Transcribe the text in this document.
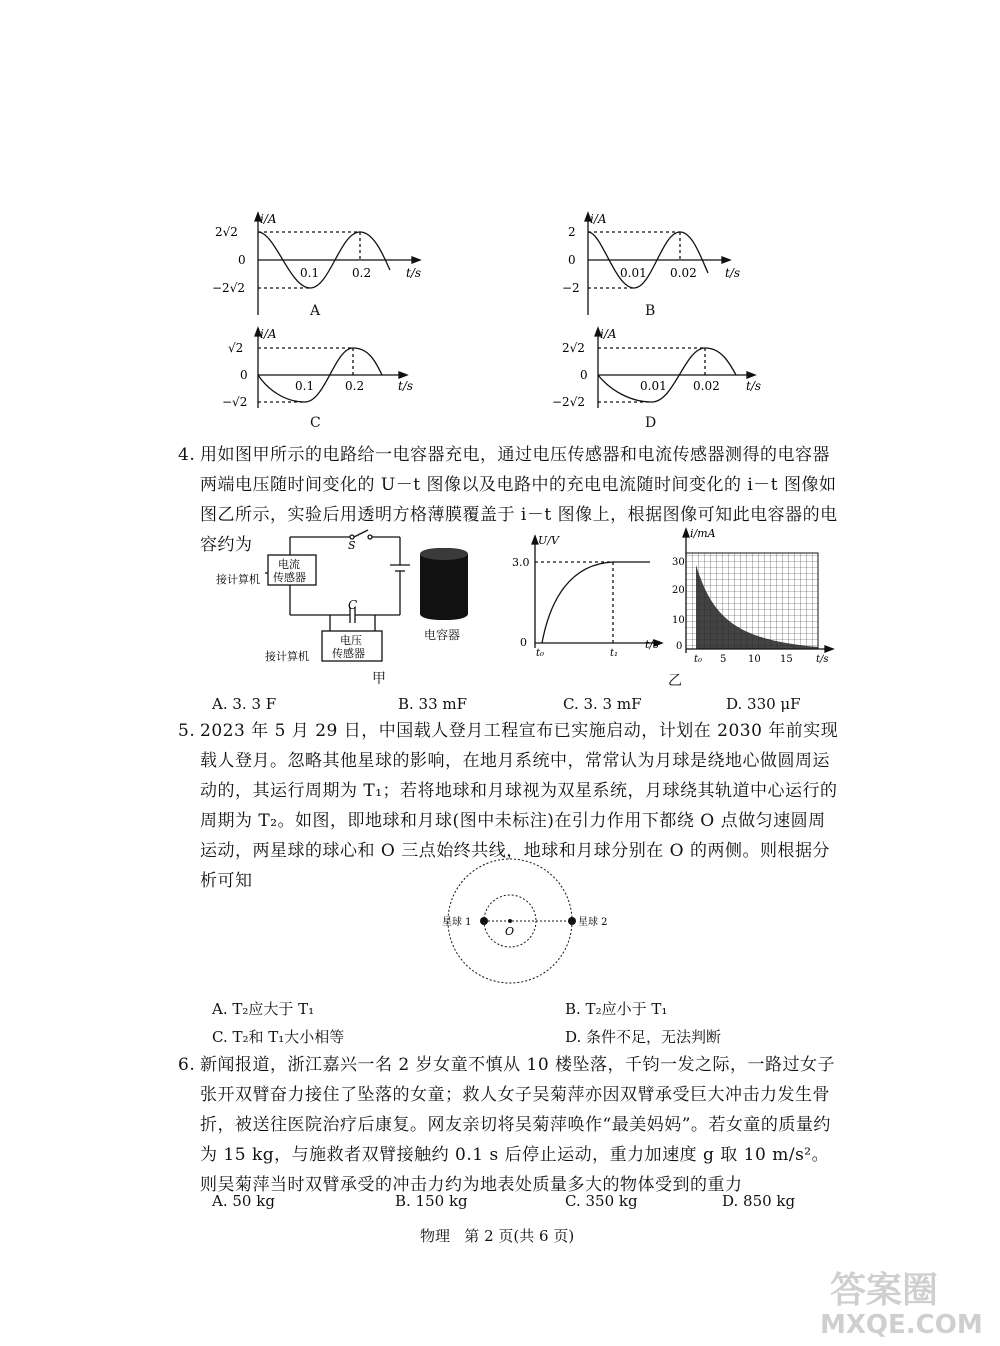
i/A
2√2
0
−2√2
0.1	0.2	t/s
A
i/A
2
0
−2
0.01 0.02 t/s
B
i/A
√2
0
−√2
0.1	0.2	t/s
C
i/A
2√2
0
−2√2
0.01 0.02 t/s
D
4. 用如图甲所示的电路给一电容器充电，通过电压传感器和电流传感器测得的电容器两端电压随时间变化的 U－t 图像以及电路中的充电电流随时间变化的 i－t 图像如图乙所示，实验后用透明方格薄膜覆盖于 i－t 图像上，根据图像可知此电容器的电容约为	S
C
电流
传感器
电压
传感器
接计算机
接计算机
电容器
甲
U/V
3.0
0
t₀	t₁
t/s
i/mA
30
20
10
0
t₀ 5 10 15 t/s
乙
A. 3. 3 F	B. 33 mF	C. 3. 3 mF	D. 330 μF
5. 2023 年 5 月 29 日，中国载人登月工程宣布已实施启动，计划在 2030 年前实现载人登月。忽略其他星球的影响，在地月系统中，常常认为月球是绕地心做圆周运动的，其运行周期为 T₁；若将地球和月球视为双星系统，月球绕其轨道中心运行的周期为 T₂。如图，即地球和月球(图中未标注)在引力作用下都绕 O 点做匀速圆周运动，两星球的球心和 O 三点始终共线，地球和月球分别在 O 的两侧。则根据分析可知
星球 1	星球 2
O
A. T₂应大于 T₁	B. T₂应小于 T₁
C. T₂和 T₁大小相等	D. 条件不足，无法判断
6. 新闻报道，浙江嘉兴一名 2 岁女童不慎从 10 楼坠落，千钧一发之际，一路过女子张开双臂奋力接住了坠落的女童；救人女子吴菊萍亦因双臂承受巨大冲击力发生骨折，被送往医院治疗后康复。网友亲切将吴菊萍唤作“最美妈妈”。若女童的质量约为 15 kg，与施救者双臂接触约 0.1 s 后停止运动，重力加速度 g 取 10 m/s²。则吴菊萍当时双臂承受的冲击力约为地表处质量多大的物体受到的重力
A. 50 kg	B. 150 kg	C. 350 kg	D. 850 kg
物理   第 2 页(共 6 页)
答案圈
MXQE.COM
